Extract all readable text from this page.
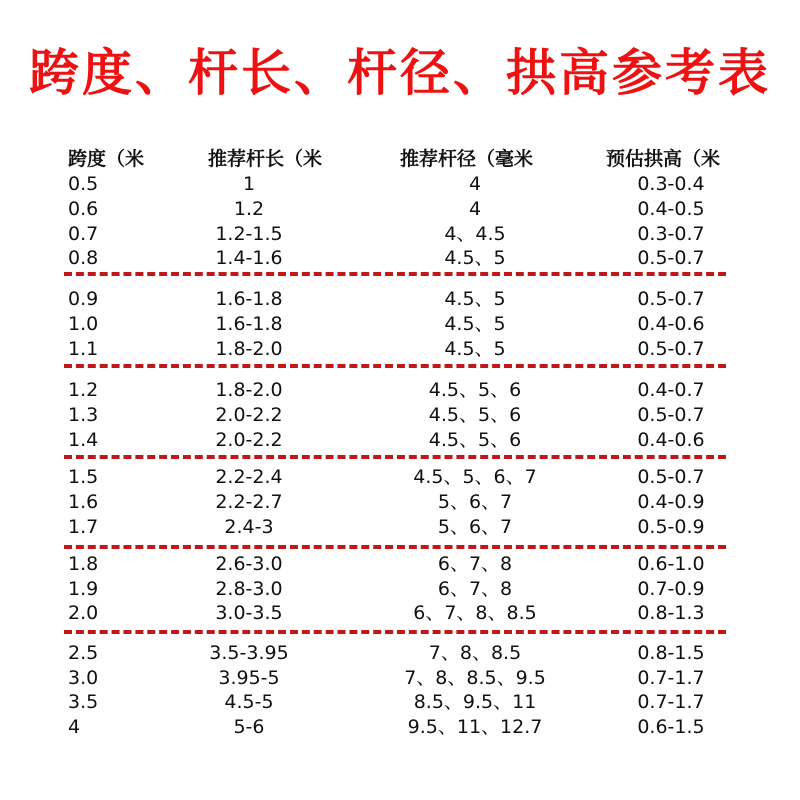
跨度、杆长、杆径、拱高参考表
跨度（米	推荐杆长（米	推荐杆径（毫米	预估拱高（米
0.5	1	4	0.3-0.4
0.6	1.2	4	0.4-0.5
0.7	1.2-1.5	4、4.5	0.3-0.7
0.8	1.4-1.6	4.5、5	0.5-0.7
0.9	1.6-1.8	4.5、5	0.5-0.7
1.0	1.6-1.8	4.5、5	0.4-0.6
1.1	1.8-2.0	4.5、5	0.5-0.7
1.2	1.8-2.0	4.5、5、6	0.4-0.7
1.3	2.0-2.2	4.5、5、6	0.5-0.7
1.4	2.0-2.2	4.5、5、6	0.4-0.6
1.5	2.2-2.4	4.5、5、6、7	0.5-0.7
1.6	2.2-2.7	5、6、7	0.4-0.9
1.7	2.4-3	5、6、7	0.5-0.9
1.8	2.6-3.0	6、7、8	0.6-1.0
1.9	2.8-3.0	6、7、8	0.7-0.9
2.0	3.0-3.5	6、7、8、8.5	0.8-1.3
2.5	3.5-3.95	7、8、8.5	0.8-1.5
3.0	3.95-5	7、8、8.5、9.5	0.7-1.7
3.5	4.5-5	8.5、9.5、11	0.7-1.7
4	5-6	9.5、11、12.7	0.6-1.5
